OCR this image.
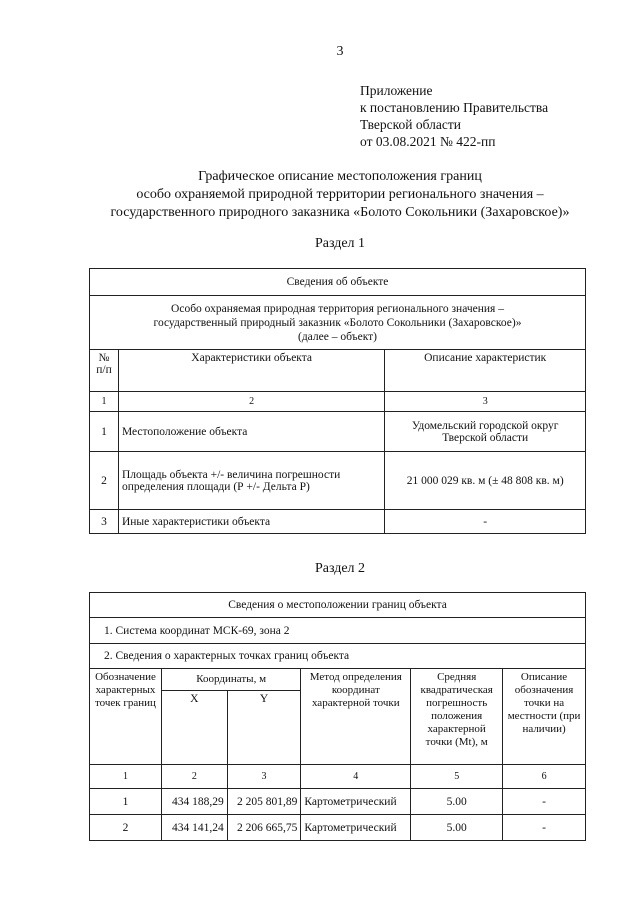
3
Приложение
к постановлению Правительства
Тверской области
от 03.08.2021 № 422-пп
Графическое описание местоположения границ
особо охраняемой природной территории регионального значения –
государственного природного заказника «Болото Сокольники (Захаровское)»
Раздел 1
Сведения об объекте		

Особо охраняемая природная территория регионального значения –
государственный природный заказник «Болото Сокольники (Захаровское)»
(далее – объект)		

№ п/п	Характеристики объекта	Описание характеристик
1	2	3
1	Местоположение объекта	Удомельский городской округ Тверской области
2	Площадь объекта +/- величина погрешности определения площади (Р +/- Дельта Р)	21 000 029 кв. м (± 48 808 кв. м)
3	Иные характеристики объекта	-
Раздел 2
Сведения о местоположении границ объекта					
1. Система координат МСК-69, зона 2					
2. Сведения о характерных точках границ объекта					
Обозначение характерных точек границ	Координаты, м		Метод определения координат характерной точки	Средняя квадратическая погрешность положения характерной точки (Mt), м	Описание обозначения точки на местности (при наличии)
	X	Y			
1	2	3	4	5	6
1	434 188,29	2 205 801,89	Картометрический	5.00	-
2	434 141,24	2 206 665,75	Картометрический	5.00	-
